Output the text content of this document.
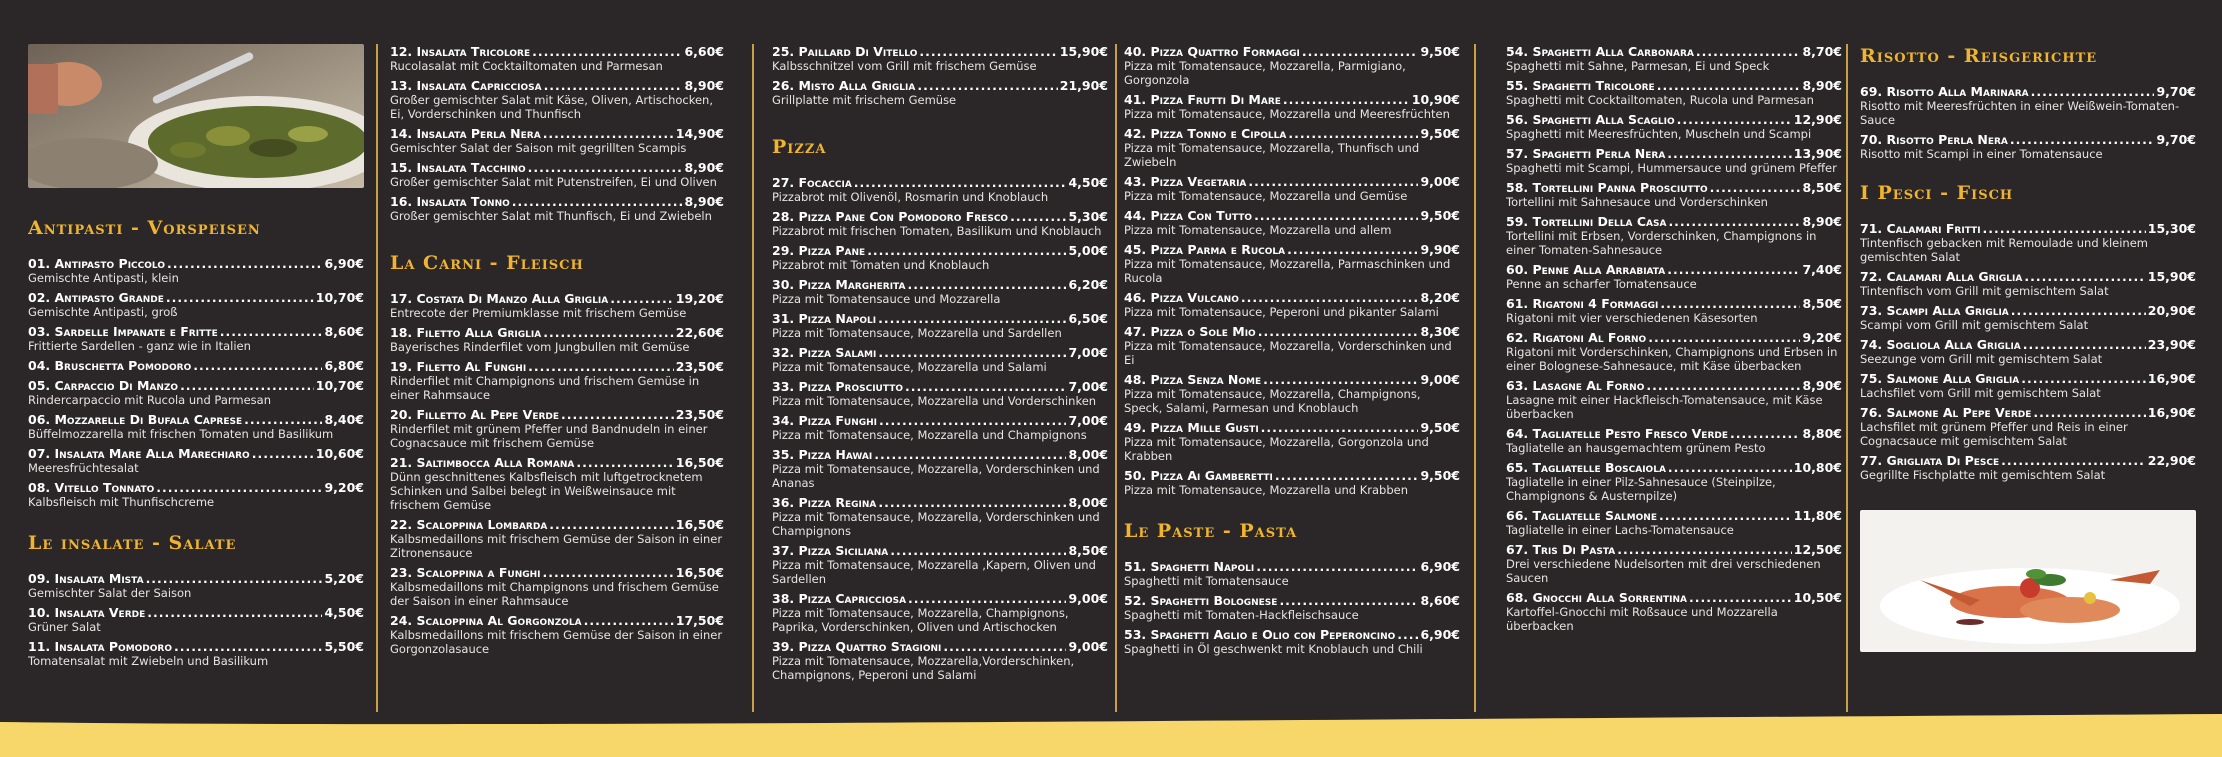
Antipasti - Vorspeisen
01. Antipasto Piccolo .....	6,90€
Gemischte Antipasti, klein
02. Antipasto Grande .....	10,70€
Gemischte Antipasti, groß
03. Sardelle Impanate e Fritte .....	8,60€
Frittierte Sardellen - ganz wie in Italien
04. Bruschetta Pomodoro .....	6,80€
05. Carpaccio Di Manzo .....	10,70€
Rindercarpaccio mit Rucola und Parmesan
06. Mozzarelle Di Bufala Caprese .....	8,40€
Büffelmozzarella mit frischen Tomaten und Basilikum
07. Insalata Mare Alla Marechiaro .....	10,60€
Meeresfrüchtesalat
08. Vitello Tonnato .....	9,20€
Kalbsfleisch mit Thunfischcreme
Le insalate - Salate
09. Insalata Mista .....	5,20€
Gemischter Salat der Saison
10. Insalata Verde .....	4,50€
Grüner Salat
11. Insalata Pomodoro .....	5,50€
Tomatensalat mit Zwiebeln und Basilikum
12. Insalata Tricolore .....	6,60€
Rucolasalat mit Cocktailtomaten und Parmesan
13. Insalata Capricciosa .....	8,90€
Großer gemischter Salat mit Käse, Oliven, Artischocken, Ei, Vorderschinken und Thunfisch
14. Insalata Perla Nera .....	14,90€
Gemischter Salat der Saison mit gegrillten Scampis
15. Insalata Tacchino .....	8,90€
Großer gemischter Salat mit Putenstreifen, Ei und Oliven
16. Insalata Tonno .....	8,90€
Großer gemischter Salat mit Thunfisch, Ei und Zwiebeln
La Carni - Fleisch
17. Costata Di Manzo Alla Griglia .....	19,20€
Entrecote der Premiumklasse mit frischem Gemüse
18. Filetto Alla Griglia .....	22,60€
Bayerisches Rinderfilet vom Jungbullen mit Gemüse
19. Filetto Al Funghi .....	23,50€
Rinderfilet mit Champignons und frischem Gemüse in einer Rahmsauce
20. Filletto Al Pepe Verde .....	23,50€
Rinderfilet mit grünem Pfeffer und Bandnudeln in einer Cognacsauce mit frischem Gemüse
21. Saltimbocca Alla Romana .....	16,50€
Dünn geschnittenes Kalbsfleisch mit luftgetrocknetem Schinken und Salbei belegt in Weißweinsauce mit frischem Gemüse
22. Scaloppina Lombarda .....	16,50€
Kalbsmedaillons mit frischem Gemüse der Saison in einer Zitronensauce
23. Scaloppina a Funghi .....	16,50€
Kalbsmedaillons mit Champignons und frischem Gemüse der Saison in einer Rahmsauce
24. Scaloppina Al Gorgonzola .....	17,50€
Kalbsmedaillons mit frischem Gemüse der Saison in einer Gorgonzolasauce
25. Paillard Di Vitello .....	15,90€
Kalbsschnitzel vom Grill mit frischem Gemüse
26. Misto Alla Griglia .....	21,90€
Grillplatte mit frischem Gemüse
Pizza
27. Focaccia .....	4,50€
Pizzabrot mit Olivenöl, Rosmarin und Knoblauch
28. Pizza Pane Con Pomodoro Fresco .....	5,30€
Pizzabrot mit frischen Tomaten, Basilikum und Knoblauch
29. Pizza Pane .....	5,00€
Pizzabrot mit Tomaten und Knoblauch
30. Pizza Margherita .....	6,20€
Pizza mit Tomatensauce und Mozzarella
31. Pizza Napoli .....	6,50€
Pizza mit Tomatensauce, Mozzarella und Sardellen
32. Pizza Salami .....	7,00€
Pizza mit Tomatensauce, Mozzarella und Salami
33. Pizza Prosciutto .....	7,00€
Pizza mit Tomatensauce, Mozzarella und Vorderschinken
34. Pizza Funghi .....	7,00€
Pizza mit Tomatensauce, Mozzarella und Champignons
35. Pizza Hawai .....	8,00€
Pizza mit Tomatensauce, Mozzarella, Vorderschinken und Ananas
36. Pizza Regina .....	8,00€
Pizza mit Tomatensauce, Mozzarella, Vorderschinken und Champignons
37. Pizza Siciliana .....	8,50€
Pizza mit Tomatensauce, Mozzarella ,Kapern, Oliven und Sardellen
38. Pizza Capricciosa .....	9,00€
Pizza mit Tomatensauce, Mozzarella, Champignons, Paprika, Vorderschinken, Oliven und Artischocken
39. Pizza Quattro Stagioni .....	9,00€
Pizza mit Tomatensauce, Mozzarella,Vorderschinken, Champignons, Peperoni und Salami
40. Pizza Quattro Formaggi .....	9,50€
Pizza mit Tomatensauce, Mozzarella, Parmigiano, Gorgonzola
41. Pizza Frutti Di Mare .....	10,90€
Pizza mit Tomatensauce, Mozzarella und Meeresfrüchten
42. Pizza Tonno e Cipolla .....	9,50€
Pizza mit Tomatensauce, Mozzarella, Thunfisch und Zwiebeln
43. Pizza Vegetaria .....	9,00€
Pizza mit Tomatensauce, Mozzarella und Gemüse
44. Pizza Con Tutto .....	9,50€
Pizza mit Tomatensauce, Mozzarella und allem
45. Pizza Parma e Rucola .....	9,90€
Pizza mit Tomatensauce, Mozzarella, Parmaschinken und Rucola
46. Pizza Vulcano .....	8,20€
Pizza mit Tomatensauce, Peperoni und pikanter Salami
47. Pizza o Sole Mio .....	8,30€
Pizza mit Tomatensauce, Mozzarella, Vorderschinken und Ei
48. Pizza Senza Nome .....	9,00€
Pizza mit Tomatensauce, Mozzarella, Champignons, Speck, Salami, Parmesan und Knoblauch
49. Pizza Mille Gusti .....	9,50€
Pizza mit Tomatensauce, Mozzarella, Gorgonzola und Krabben
50. Pizza Ai Gamberetti .....	9,50€
Pizza mit Tomatensauce, Mozzarella und Krabben
Le Paste - Pasta
51. Spaghetti Napoli .....	6,90€
Spaghetti mit Tomatensauce
52. Spaghetti Bolognese .....	8,60€
Spaghetti mit Tomaten-Hackfleischsauce
53. Spaghetti Aglio e Olio con Peperoncino ..... 6,90€
Spaghetti in Öl geschwenkt mit Knoblauch und Chili
54. Spaghetti Alla Carbonara .....	8,70€
Spaghetti mit Sahne, Parmesan, Ei und Speck
55. Spaghetti Tricolore .....	8,90€
Spaghetti mit Cocktailtomaten, Rucola und Parmesan
56. Spaghetti Alla Scaglio .....	12,90€
Spaghetti mit Meeresfrüchten, Muscheln und Scampi
57. Spaghetti Perla Nera .....	13,90€
Spaghetti mit Scampi, Hummersauce und grünem Pfeffer
58. Tortellini Panna Prosciutto .....	8,50€
Tortellini mit Sahnesauce und Vorderschinken
59. Tortellini Della Casa .....	8,90€
Tortellini mit Erbsen, Vorderschinken, Champignons in einer Tomaten-Sahnesauce
60. Penne Alla Arrabiata .....	7,40€
Penne an scharfer Tomatensauce
61. Rigatoni 4 Formaggi .....	8,50€
Rigatoni mit vier verschiedenen Käsesorten
62. Rigatoni Al Forno .....	9,20€
Rigatoni mit Vorderschinken, Champignons und Erbsen in einer Bolognese-Sahnesauce, mit Käse überbacken
63. Lasagne Al Forno .....	8,90€
Lasagne mit einer Hackfleisch-Tomatensauce, mit Käse überbacken
64. Tagliatelle Pesto Fresco Verde .....	8,80€
Tagliatelle an hausgemachtem grünem Pesto
65. Tagliatelle Boscaiola .....	10,80€
Tagliatelle in einer Pilz-Sahnesauce (Steinpilze, Champignons & Austernpilze)
66. Tagliatelle Salmone .....	11,80€
Tagliatelle in einer Lachs-Tomatensauce
67. Tris Di Pasta .....	12,50€
Drei verschiedene Nudelsorten mit drei verschiedenen Saucen
68. Gnocchi Alla Sorrentina .....	10,50€
Kartoffel-Gnocchi mit Roßsauce und Mozzarella überbacken
Risotto - Reisgerichte
69. Risotto Alla Marinara .....	9,70€
Risotto mit Meeresfrüchten in einer Weißwein-Tomaten-Sauce
70. Risotto Perla Nera .....	9,70€
Risotto mit Scampi in einer Tomatensauce
I Pesci - Fisch
71. Calamari Fritti .....	15,30€
Tintenfisch gebacken mit Remoulade und kleinem gemischten Salat
72. Calamari Alla Griglia .....	15,90€
Tintenfisch vom Grill mit gemischtem Salat
73. Scampi Alla Griglia .....	20,90€
Scampi vom Grill mit gemischtem Salat
74. Sogliola Alla Griglia .....	23,90€
Seezunge vom Grill mit gemischtem Salat
75. Salmone Alla Griglia .....	16,90€
Lachsfilet vom Grill mit gemischtem Salat
76. Salmone Al Pepe Verde .....	16,90€
Lachsfilet mit grünem Pfeffer und Reis in einer Cognacsauce mit gemischtem Salat
77. Grigliata Di Pesce .....	22,90€
Gegrillte Fischplatte mit gemischtem Salat
